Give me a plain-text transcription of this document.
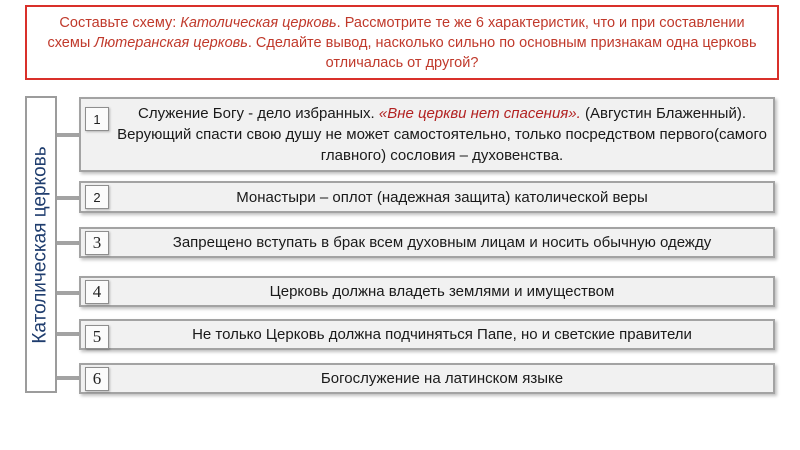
Составьте схему: Католическая церковь. Рассмотрите те же 6 характеристик, что и при составлении схемы Лютеранская церковь. Сделайте вывод, насколько сильно по основным признакам одна церковь отличалась от другой?
Католическая церковь
1	Служение Богу - дело избранных. «Вне церкви нет спасения». (Августин Блаженный). Верующий спасти свою душу не может самостоятельно, только посредством первого(самого главного) сословия – духовенства.
2	Монастыри – оплот (надежная защита) католической веры
3	Запрещено вступать в брак всем духовным лицам и носить обычную одежду
4	Церковь должна владеть землями и имуществом
5	Не только Церковь должна подчиняться Папе, но и светские правители
6	Богослужение на латинском языке
